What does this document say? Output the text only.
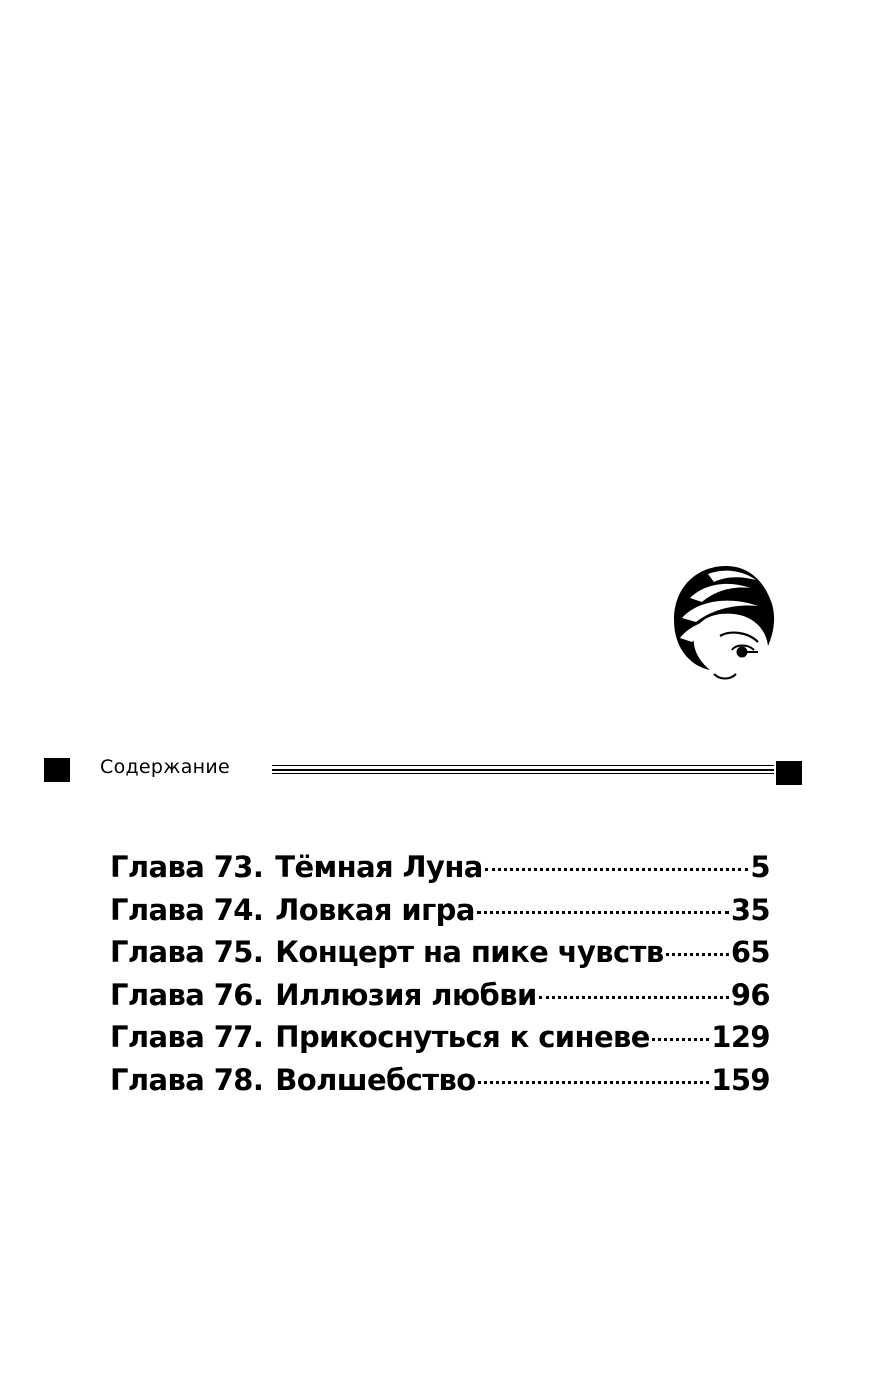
Содержание
Глава 73. Тёмная Луна	5
Глава 74. Ловкая игра	35
Глава 75. Концерт на пике чувств 65
Глава 76. Иллюзия любви	96
Глава 77. Прикоснуться к синеве 129
Глава 78. Волшебство	159
